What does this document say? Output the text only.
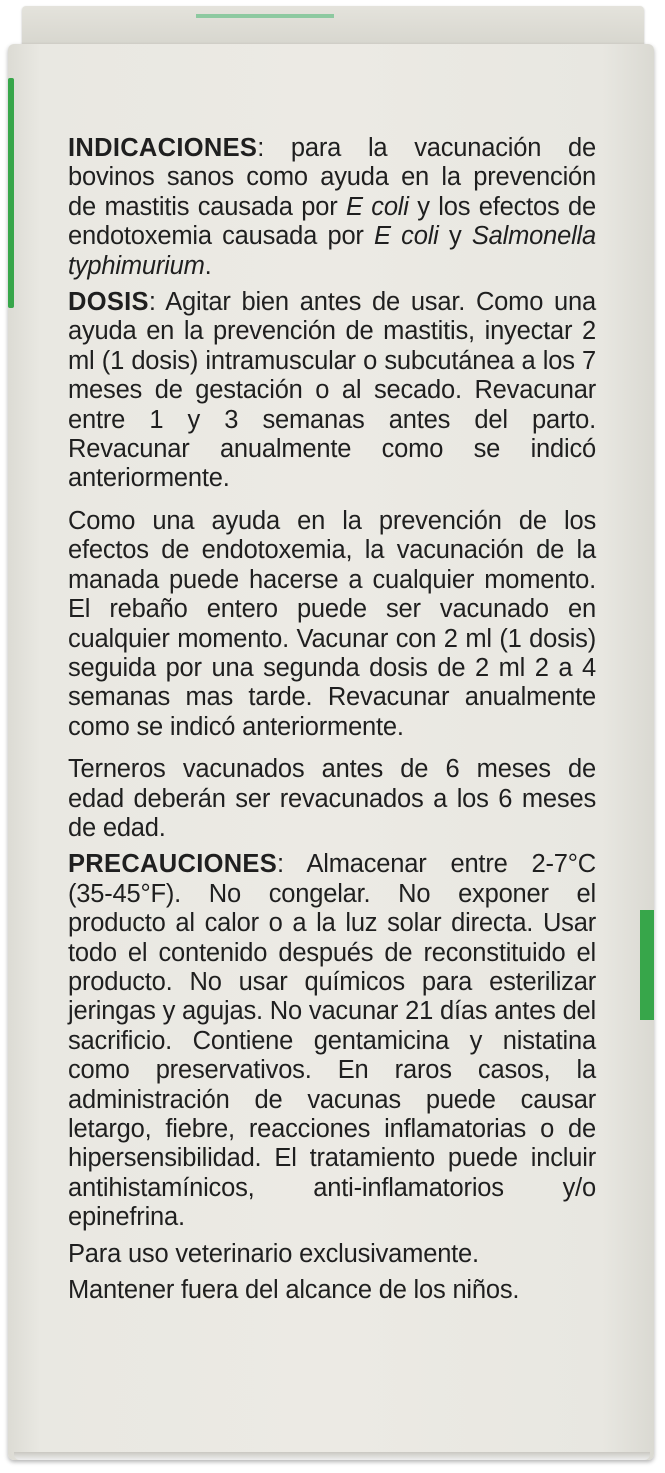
INDICACIONES: para la vacunación de bovinos sanos como ayuda en la prevención de mastitis causada por E coli y los efectos de endotoxemia causada por E coli y Salmonella typhimurium.

DOSIS: Agitar bien antes de usar. Como una ayuda en la prevención de mastitis, inyectar 2 ml (1 dosis) intramuscular o subcutánea a los 7 meses de gestación o al secado. Revacunar entre 1 y 3 semanas antes del parto. Revacunar anualmente como se indicó anteriormente.

Como una ayuda en la prevención de los efectos de endotoxemia, la vacunación de la manada puede hacerse a cualquier momento. El rebaño entero puede ser vacunado en cualquier momento. Vacunar con 2 ml (1 dosis) seguida por una segunda dosis de 2 ml 2 a 4 semanas mas tarde. Revacunar anualmente como se indicó anteriormente.

Terneros vacunados antes de 6 meses de edad deberán ser revacunados a los 6 meses de edad.

PRECAUCIONES: Almacenar entre 2-7°C (35-45°F). No congelar. No exponer el producto al calor o a la luz solar directa. Usar todo el contenido después de reconstituido el producto. No usar químicos para esterilizar jeringas y agujas. No vacunar 21 días antes del sacrificio. Contiene gentamicina y nistatina como preservativos. En raros casos, la administración de vacunas puede causar letargo, fiebre, reacciones inflamatorias o de hipersensibilidad. El tratamiento puede incluir antihistamínicos, anti-inflamatorios y/o epinefrina.

Para uso veterinario exclusivamente.

Mantener fuera del alcance de los niños.
